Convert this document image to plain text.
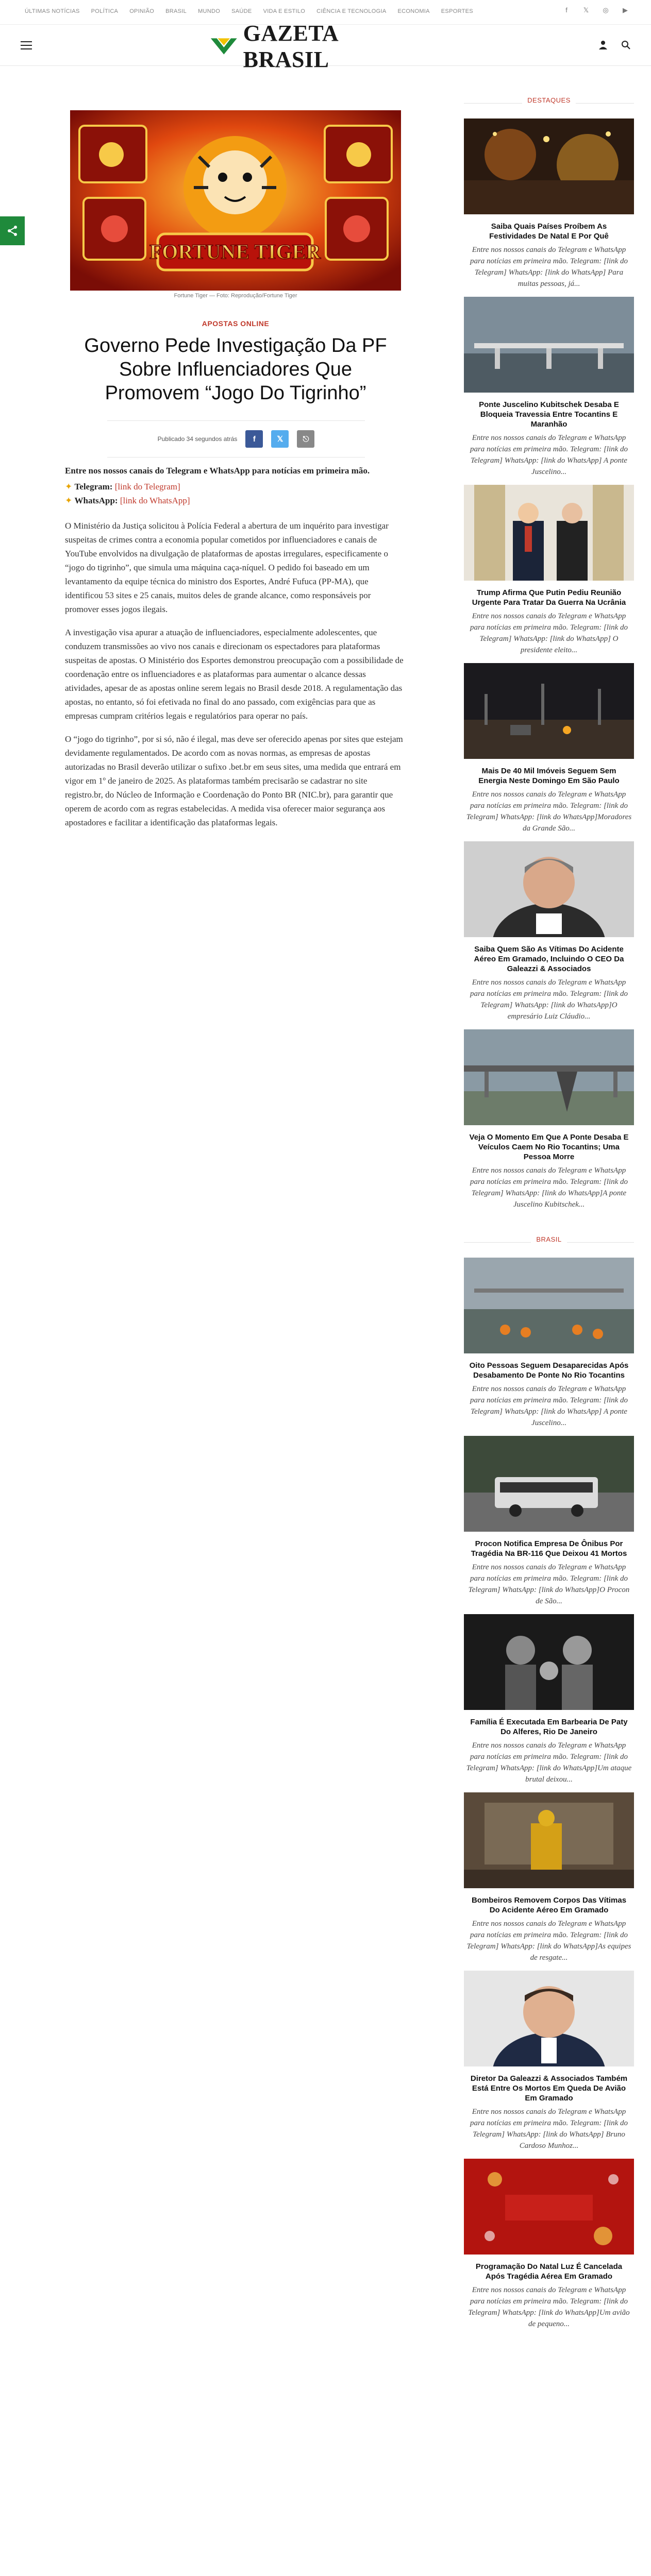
ÚLTIMAS NOTÍCIAS POLÍTICA OPINIÃO BRASIL MUNDO SAÚDE VIDA E ESTILO CIÊNCIA E TECNOLOGIA ECONOMIA ESPORTES	f	𝕏	◎	▶
GAZETA BRASIL
FORTUNE TIGER
Fortune Tiger — Foto: Reprodução/Fortune Tiger
APOSTAS ONLINE
Governo Pede Investigação Da PF Sobre Influenciadores Que Promovem “Jogo Do Tigrinho”
Publicado 34 segundos atrás	f	𝕏	⎋

Entre nos nossos canais do Telegram e WhatsApp para notícias em primeira mão.

✦ Telegram: [link do Telegram]
✦ WhatsApp: [link do WhatsApp]

O Ministério da Justiça solicitou à Polícia Federal a abertura de um inquérito para investigar suspeitas de crimes contra a economia popular cometidos por influenciadores e canais de YouTube envolvidos na divulgação de plataformas de apostas irregulares, especificamente o “jogo do tigrinho”, que simula uma máquina caça-níquel. O pedido foi baseado em um levantamento da equipe técnica do ministro dos Esportes, André Fufuca (PP-MA), que identificou 53 sites e 25 canais, muitos deles de grande alcance, como responsáveis por promover esses jogos ilegais.

A investigação visa apurar a atuação de influenciadores, especialmente adolescentes, que conduzem transmissões ao vivo nos canais e direcionam os espectadores para plataformas suspeitas de apostas. O Ministério dos Esportes demonstrou preocupação com a possibilidade de coordenação entre os influenciadores e as plataformas para aumentar o alcance dessas atividades, apesar de as apostas online serem legais no Brasil desde 2018. A regulamentação das apostas, no entanto, só foi efetivada no final do ano passado, com exigências para que as empresas cumpram critérios legais e regulatórios para operar no país.

O “jogo do tigrinho”, por si só, não é ilegal, mas deve ser oferecido apenas por sites que estejam devidamente regulamentados. De acordo com as novas normas, as empresas de apostas autorizadas no Brasil deverão utilizar o sufixo .bet.br em seus sites, uma medida que entrará em vigor em 1º de janeiro de 2025. As plataformas também precisarão se cadastrar no site registro.br, do Núcleo de Informação e Coordenação do Ponto BR (NIC.br), para garantir que operem de acordo com as regras estabelecidas. A medida visa oferecer maior segurança aos apostadores e facilitar a identificação das plataformas legais.

DESTAQUES
Saiba Quais Países Proíbem As Festividades De Natal E Por Quê

Entre nos nossos canais do Telegram e WhatsApp para notícias em primeira mão. Telegram: [link do Telegram] WhatsApp: [link do WhatsApp] Para muitas pessoas, já...

Ponte Juscelino Kubitschek Desaba E Bloqueia Travessia Entre Tocantins E Maranhão

Entre nos nossos canais do Telegram e WhatsApp para notícias em primeira mão. Telegram: [link do Telegram] WhatsApp: [link do WhatsApp] A ponte Juscelino...

Trump Afirma Que Putin Pediu Reunião Urgente Para Tratar Da Guerra Na Ucrânia

Entre nos nossos canais do Telegram e WhatsApp para notícias em primeira mão. Telegram: [link do Telegram] WhatsApp: [link do WhatsApp] O presidente eleito...

Mais De 40 Mil Imóveis Seguem Sem Energia Neste Domingo Em São Paulo

Entre nos nossos canais do Telegram e WhatsApp para notícias em primeira mão. Telegram: [link do Telegram] WhatsApp: [link do WhatsApp]Moradores da Grande São...

Saiba Quem São As Vítimas Do Acidente Aéreo Em Gramado, Incluindo O CEO Da Galeazzi & Associados

Entre nos nossos canais do Telegram e WhatsApp para notícias em primeira mão. Telegram: [link do Telegram] WhatsApp: [link do WhatsApp]O empresário Luiz Cláudio...

Veja O Momento Em Que A Ponte Desaba E Veículos Caem No Rio Tocantins; Uma Pessoa Morre

Entre nos nossos canais do Telegram e WhatsApp para notícias em primeira mão. Telegram: [link do Telegram] WhatsApp: [link do WhatsApp]A ponte Juscelino Kubitschek...

BRASIL
Oito Pessoas Seguem Desaparecidas Após Desabamento De Ponte No Rio Tocantins

Entre nos nossos canais do Telegram e WhatsApp para notícias em primeira mão. Telegram: [link do Telegram] WhatsApp: [link do WhatsApp] A ponte Juscelino...

Procon Notifica Empresa De Ônibus Por Tragédia Na BR-116 Que Deixou 41 Mortos

Entre nos nossos canais do Telegram e WhatsApp para notícias em primeira mão. Telegram: [link do Telegram] WhatsApp: [link do WhatsApp]O Procon de São...

Família É Executada Em Barbearia De Paty Do Alferes, Rio De Janeiro

Entre nos nossos canais do Telegram e WhatsApp para notícias em primeira mão. Telegram: [link do Telegram] WhatsApp: [link do WhatsApp]Um ataque brutal deixou...

Bombeiros Removem Corpos Das Vítimas Do Acidente Aéreo Em Gramado

Entre nos nossos canais do Telegram e WhatsApp para notícias em primeira mão. Telegram: [link do Telegram] WhatsApp: [link do WhatsApp]As equipes de resgate...

Diretor Da Galeazzi & Associados Também Está Entre Os Mortos Em Queda De Avião Em Gramado

Entre nos nossos canais do Telegram e WhatsApp para notícias em primeira mão. Telegram: [link do Telegram] WhatsApp: [link do WhatsApp] Bruno Cardoso Munhoz...

Programação Do Natal Luz É Cancelada Após Tragédia Aérea Em Gramado

Entre nos nossos canais do Telegram e WhatsApp para notícias em primeira mão. Telegram: [link do Telegram] WhatsApp: [link do WhatsApp]Um avião de pequeno...
